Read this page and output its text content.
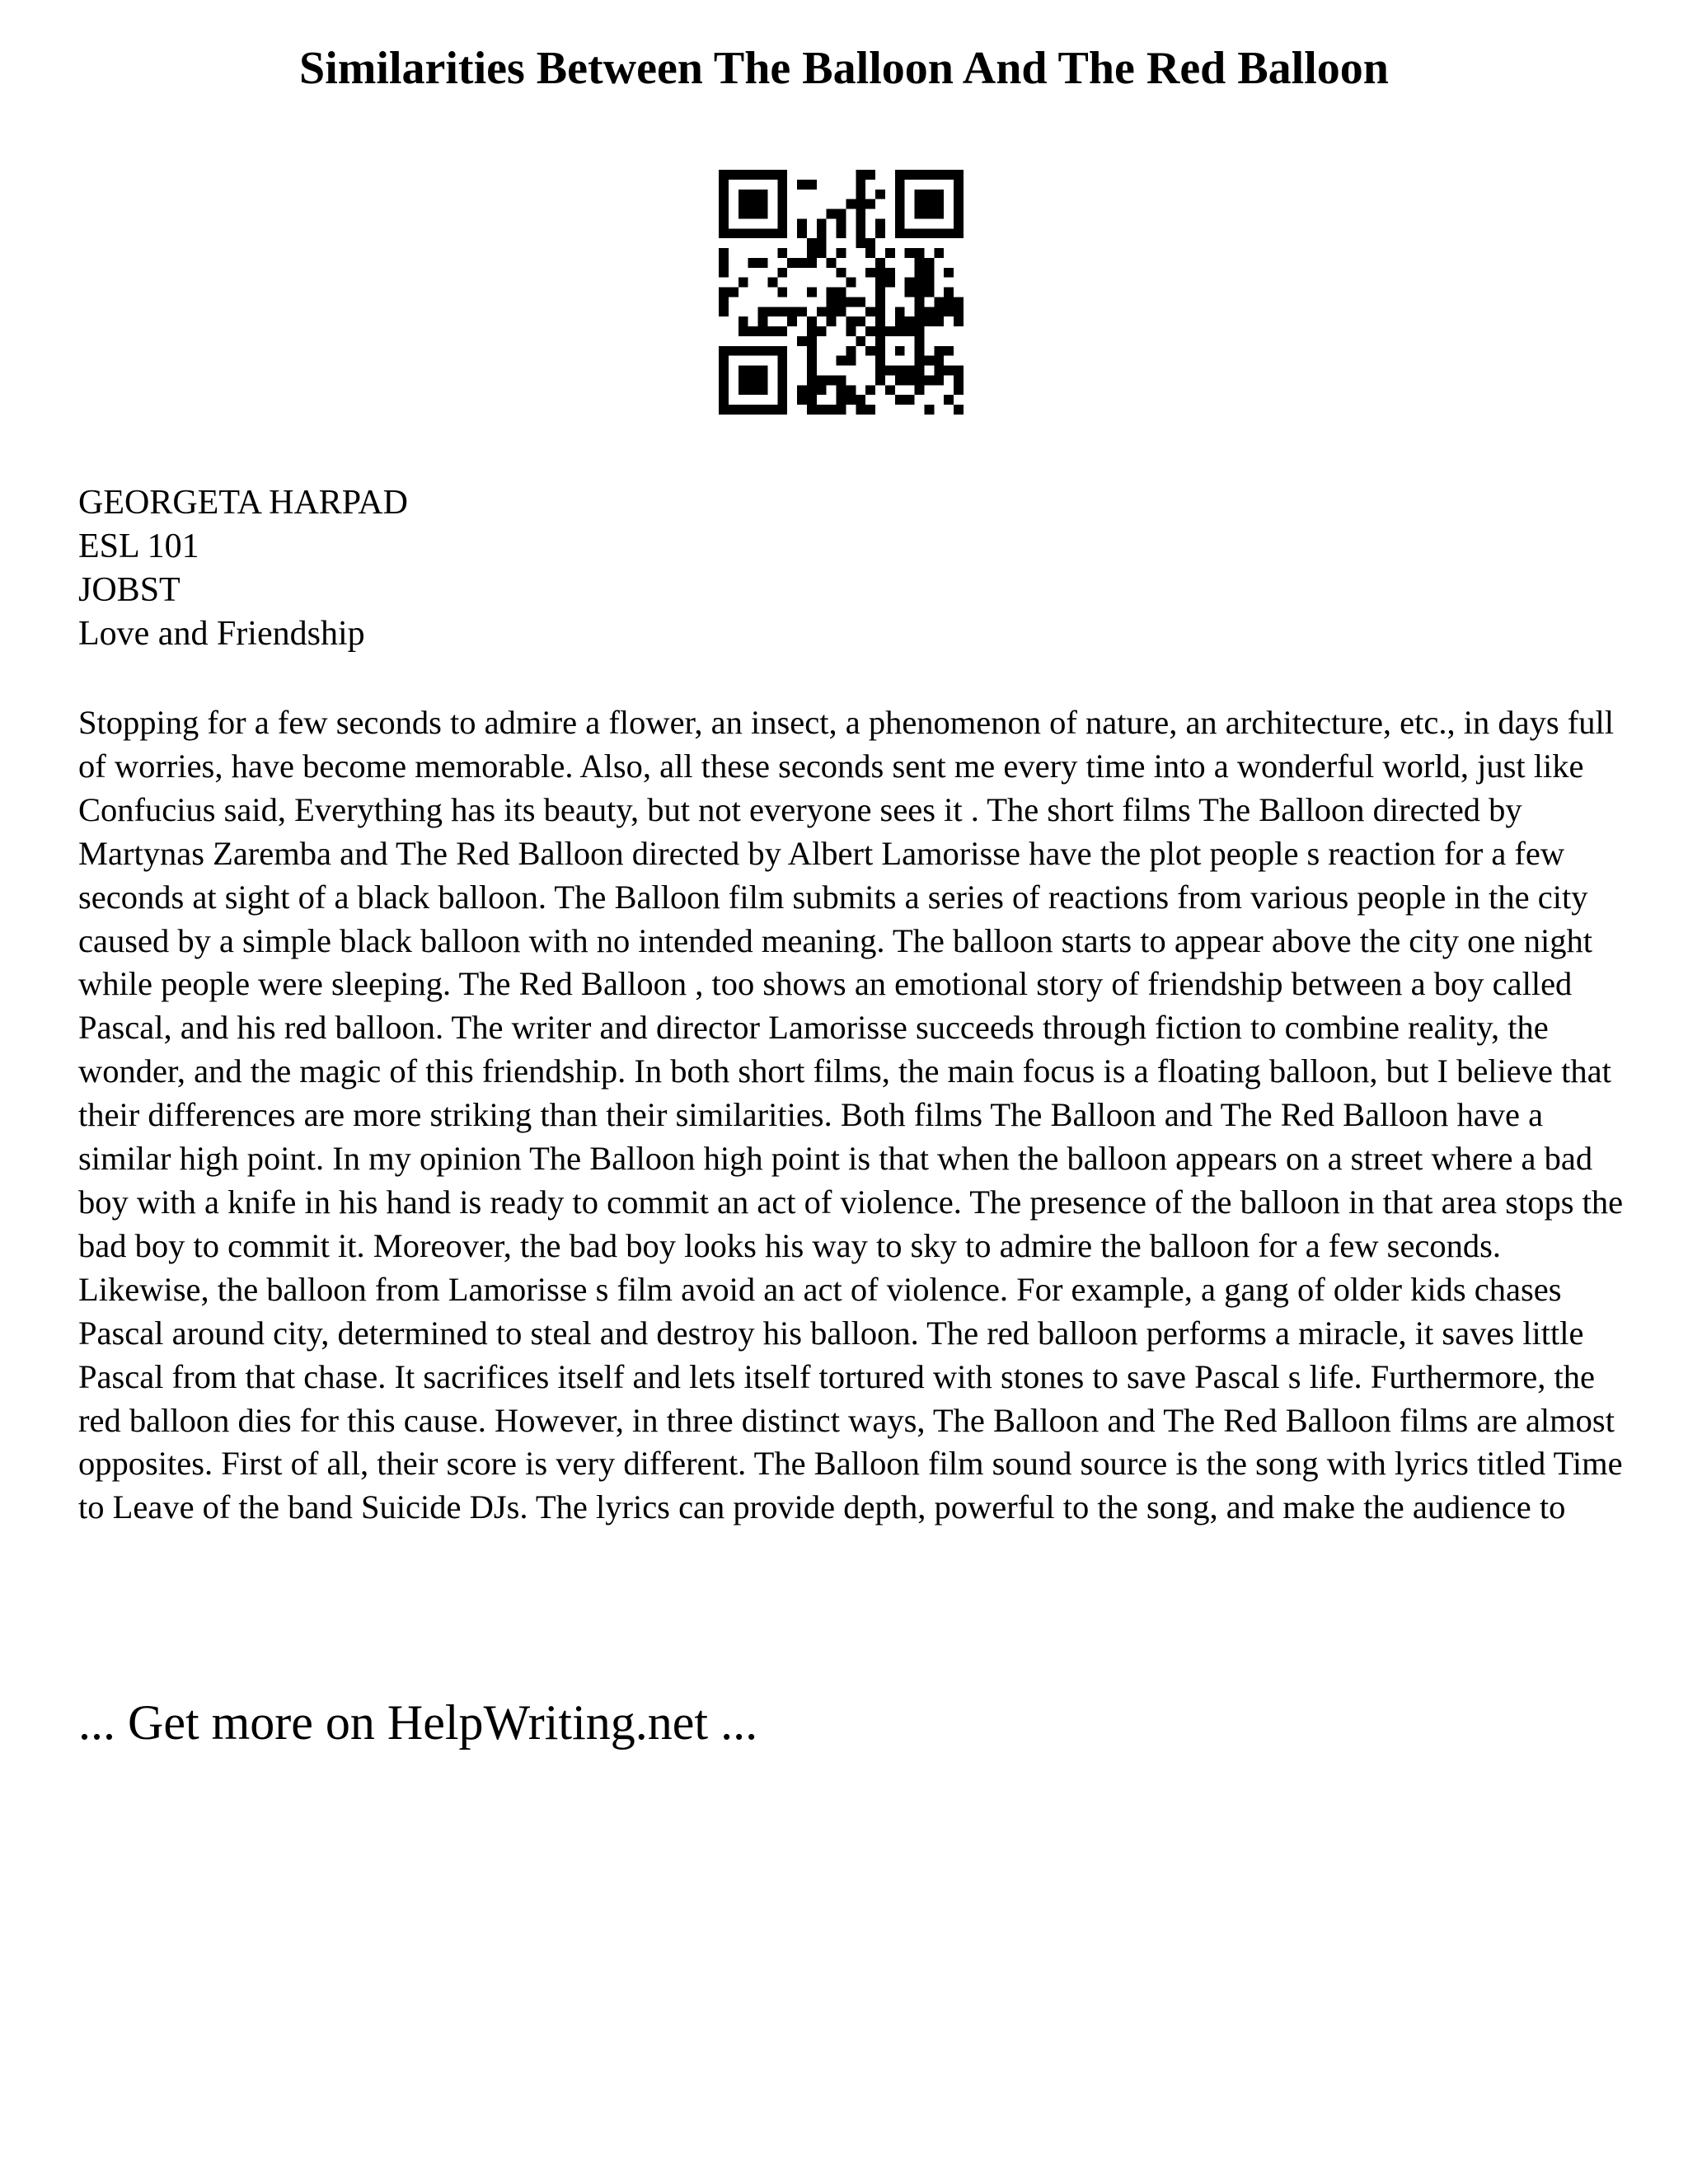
Similarities Between The Balloon And The Red Balloon
GEORGETA HARPAD
ESL 101
JOBST
Love and Friendship

Stopping for a few seconds to admire a flower, an insect, a phenomenon of nature, an architecture, etc., in days full of worries, have become memorable. Also, all these seconds sent me every time into a wonderful world, just like Confucius said, Everything has its beauty, but not everyone sees it . The short films The Balloon directed by Martynas Zaremba and The Red Balloon directed by Albert Lamorisse have the plot people s reaction for a few seconds at sight of a black balloon. The Balloon film submits a series of reactions from various people in the city caused by a simple black balloon with no intended meaning. The balloon starts to appear above the city one night while people were sleeping. The Red Balloon , too shows an emotional story of friendship between a boy called Pascal, and his red balloon. The writer and director Lamorisse succeeds through fiction to combine reality, the wonder, and the magic of this friendship. In both short films, the main focus is a floating balloon, but I believe that their differences are more striking than their similarities. Both films The Balloon and The Red Balloon have a similar high point. In my opinion The Balloon high point is that when the balloon appears on a street where a bad boy with a knife in his hand is ready to commit an act of violence. The presence of the balloon in that area stops the bad boy to commit it. Moreover, the bad boy looks his way to sky to admire the balloon for a few seconds. Likewise, the balloon from Lamorisse s film avoid an act of violence. For example, a gang of older kids chases Pascal around city, determined to steal and destroy his balloon. The red balloon performs a miracle, it saves little Pascal from that chase. It sacrifices itself and lets itself tortured with stones to save Pascal s life. Furthermore, the red balloon dies for this cause. However, in three distinct ways, The Balloon and The Red Balloon films are almost opposites. First of all, their score is very different. The Balloon film sound source is the song with lyrics titled Time to Leave of the band Suicide DJs. The lyrics can provide depth, powerful to the song, and make the audience to

... Get more on HelpWriting.net ...
